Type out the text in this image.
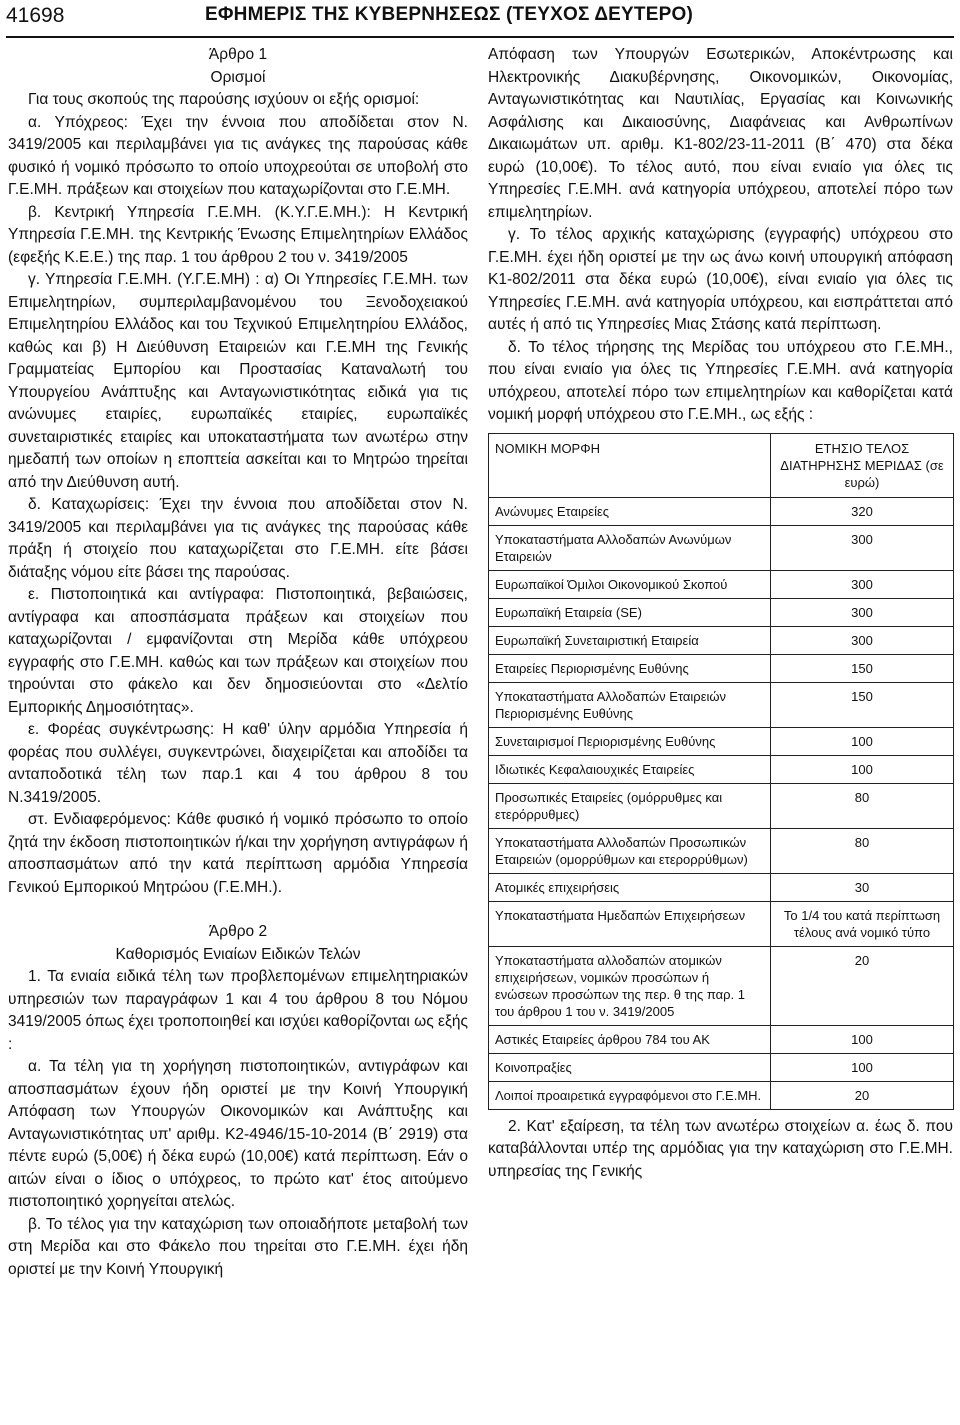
41698	ΕΦΗΜΕΡΙΣ ΤΗΣ ΚΥΒΕΡΝΗΣΕΩΣ (ΤΕΥΧΟΣ ΔΕΥΤΕΡΟ)

Άρθρο 1

Ορισμοί

Για τους σκοπούς της παρούσης ισχύουν οι εξής ορισμοί:

α. Υπόχρεος: Έχει την έννοια που αποδίδεται στον Ν. 3419/2005 και περιλαμβάνει για τις ανάγκες της παρούσας κάθε φυσικό ή νομικό πρόσωπο το οποίο υποχρεούται σε υποβολή στο Γ.Ε.ΜΗ. πράξεων και στοιχείων που καταχωρίζονται στο Γ.Ε.ΜΗ.

β. Κεντρική Υπηρεσία Γ.Ε.ΜΗ. (Κ.Υ.Γ.Ε.ΜΗ.): Η Κεντρική Υπηρεσία Γ.Ε.ΜΗ. της Κεντρικής Ένωσης Επιμελητηρίων Ελλάδος (εφεξής Κ.Ε.Ε.) της παρ. 1 του άρθρου 2 του ν. 3419/2005

γ. Υπηρεσία Γ.Ε.ΜΗ. (Υ.Γ.Ε.ΜΗ) : α) Οι Υπηρεσίες Γ.Ε.ΜΗ. των Επιμελητηρίων, συμπεριλαμβανομένου του Ξενοδοχειακού Επιμελητηρίου Ελλάδος και του Τεχνικού Επιμελητηρίου Ελλάδος, καθώς και β) Η Διεύθυνση Εταιρειών και Γ.Ε.ΜΗ της Γενικής Γραμματείας Εμπορίου και Προστασίας Καταναλωτή του Υπουργείου Ανάπτυξης και Ανταγωνιστικότητας ειδικά για τις ανώνυμες εταιρίες, ευρωπαϊκές εταιρίες, ευρωπαϊκές συνεταιριστικές εταιρίες και υποκαταστήματα των ανωτέρω στην ημεδαπή των οποίων η εποπτεία ασκείται και το Μητρώο τηρείται από την Διεύθυνση αυτή.

δ. Καταχωρίσεις: Έχει την έννοια που αποδίδεται στον Ν. 3419/2005 και περιλαμβάνει για τις ανάγκες της παρούσας κάθε πράξη ή στοιχείο που καταχωρίζεται στο Γ.Ε.ΜΗ. είτε βάσει διάταξης νόμου είτε βάσει της παρούσας.

ε. Πιστοποιητικά και αντίγραφα: Πιστοποιητικά, βεβαιώσεις, αντίγραφα και αποσπάσματα πράξεων και στοιχείων που καταχωρίζονται / εμφανίζονται στη Μερίδα κάθε υπόχρεου εγγραφής στο Γ.Ε.ΜΗ. καθώς και των πράξεων και στοιχείων που τηρούνται στο φάκελο και δεν δημοσιεύονται στο «Δελτίο Εμπορικής Δημοσιότητας».

ε. Φορέας συγκέντρωσης: Η καθ' ύλην αρμόδια Υπηρεσία ή φορέας που συλλέγει, συγκεντρώνει, διαχειρίζεται και αποδίδει τα ανταποδοτικά τέλη των παρ.1 και 4 του άρθρου 8 του Ν.3419/2005.

στ. Ενδιαφερόμενος: Κάθε φυσικό ή νομικό πρόσωπο το οποίο ζητά την έκδοση πιστοποιητικών ή/και την χορήγηση αντιγράφων ή αποσπασμάτων από την κατά περίπτωση αρμόδια Υπηρεσία Γενικού Εμπορικού Μητρώου (Γ.Ε.ΜΗ.).

Άρθρο 2

Καθορισμός Ενιαίων Ειδικών Τελών

1. Τα ενιαία ειδικά τέλη των προβλεπομένων επιμελητηριακών υπηρεσιών των παραγράφων 1 και 4 του άρθρου 8 του Νόμου 3419/2005 όπως έχει τροποποιηθεί και ισχύει καθορίζονται ως εξής :

α. Τα τέλη για τη χορήγηση πιστοποιητικών, αντιγράφων και αποσπασμάτων έχουν ήδη οριστεί με την Κοινή Υπουργική Απόφαση των Υπουργών Οικονομικών και Ανάπτυξης και Ανταγωνιστικότητας υπ' αριθμ. Κ2-4946/15-10-2014 (Β΄ 2919) στα πέντε ευρώ (5,00€) ή δέκα ευρώ (10,00€) κατά περίπτωση. Εάν ο αιτών είναι ο ίδιος ο υπόχρεος, το πρώτο κατ' έτος αιτούμενο πιστοποιητικό χορηγείται ατελώς.

β. Το τέλος για την καταχώριση των οποιαδήποτε μεταβολή των στη Μερίδα και στο Φάκελο που τηρείται στο Γ.Ε.ΜΗ. έχει ήδη οριστεί με την Κοινή Υπουργική

Απόφαση των Υπουργών Εσωτερικών, Αποκέντρωσης και Ηλεκτρονικής Διακυβέρνησης, Οικονομικών, Οικονομίας, Ανταγωνιστικότητας και Ναυτιλίας, Εργασίας και Κοινωνικής Ασφάλισης και Δικαιοσύνης, Διαφάνειας και Ανθρωπίνων Δικαιωμάτων υπ. αριθμ. Κ1-802/23-11-2011 (Β΄ 470) στα δέκα ευρώ (10,00€). Το τέλος αυτό, που είναι ενιαίο για όλες τις Υπηρεσίες Γ.Ε.ΜΗ. ανά κατηγορία υπόχρεου, αποτελεί πόρο των επιμελητηρίων.

γ. Το τέλος αρχικής καταχώρισης (εγγραφής) υπόχρεου στο Γ.Ε.ΜΗ. έχει ήδη οριστεί με την ως άνω κοινή υπουργική απόφαση Κ1-802/2011 στα δέκα ευρώ (10,00€), είναι ενιαίο για όλες τις Υπηρεσίες Γ.Ε.ΜΗ. ανά κατηγορία υπόχρεου, και εισπράττεται από αυτές ή από τις Υπηρεσίες Μιας Στάσης κατά περίπτωση.

δ. Το τέλος τήρησης της Μερίδας του υπόχρεου στο Γ.Ε.ΜΗ., που είναι ενιαίο για όλες τις Υπηρεσίες Γ.Ε.ΜΗ. ανά κατηγορία υπόχρεου, αποτελεί πόρο των επιμελητηρίων και καθορίζεται κατά νομική μορφή υπόχρεου στο Γ.Ε.ΜΗ., ως εξής :

ΝΟΜΙΚΗ ΜΟΡΦΗ	ΕΤΗΣΙΟ ΤΕΛΟΣ ΔΙΑΤΗΡΗΣΗΣ ΜΕΡΙΔΑΣ (σε ευρώ)
Ανώνυμες Εταιρείες	320
Υποκαταστήματα Αλλοδαπών Ανωνύμων Εταιρειών	300
Ευρωπαϊκοί Όμιλοι Οικονομικού Σκοπού	300
Ευρωπαϊκή Εταιρεία (SE)	300
Ευρωπαϊκή Συνεταιριστική Εταιρεία	300
Εταιρείες Περιορισμένης Ευθύνης	150
Υποκαταστήματα Αλλοδαπών Εταιρειών Περιορισμένης Ευθύνης	150
Συνεταιρισμοί Περιορισμένης Ευθύνης	100
Ιδιωτικές Κεφαλαιουχικές Εταιρείες	100
Προσωπικές Εταιρείες (ομόρρυθμες και ετερόρρυθμες)	80
Υποκαταστήματα Αλλοδαπών Προσωπικών Εταιρειών (ομορρύθμων και ετερορρύθμων)	80
Ατομικές επιχειρήσεις	30
Υποκαταστήματα Ημεδαπών Επιχειρήσεων	Το 1/4 του κατά περίπτωση τέλους ανά νομικό τύπο
Υποκαταστήματα αλλοδαπών ατομικών επιχειρήσεων, νομικών προσώπων ή ενώσεων προσώπων της περ. θ της παρ. 1 του άρθρου 1 του ν. 3419/2005	20
Αστικές Εταιρείες άρθρου 784 του ΑΚ	100
Κοινοπραξίες	100
Λοιποί προαιρετικά εγγραφόμενοι στο Γ.Ε.ΜΗ.	20

2. Κατ' εξαίρεση, τα τέλη των ανωτέρω στοιχείων α. έως δ. που καταβάλλονται υπέρ της αρμόδιας για την καταχώριση στο Γ.Ε.ΜΗ. υπηρεσίας της Γενικής
